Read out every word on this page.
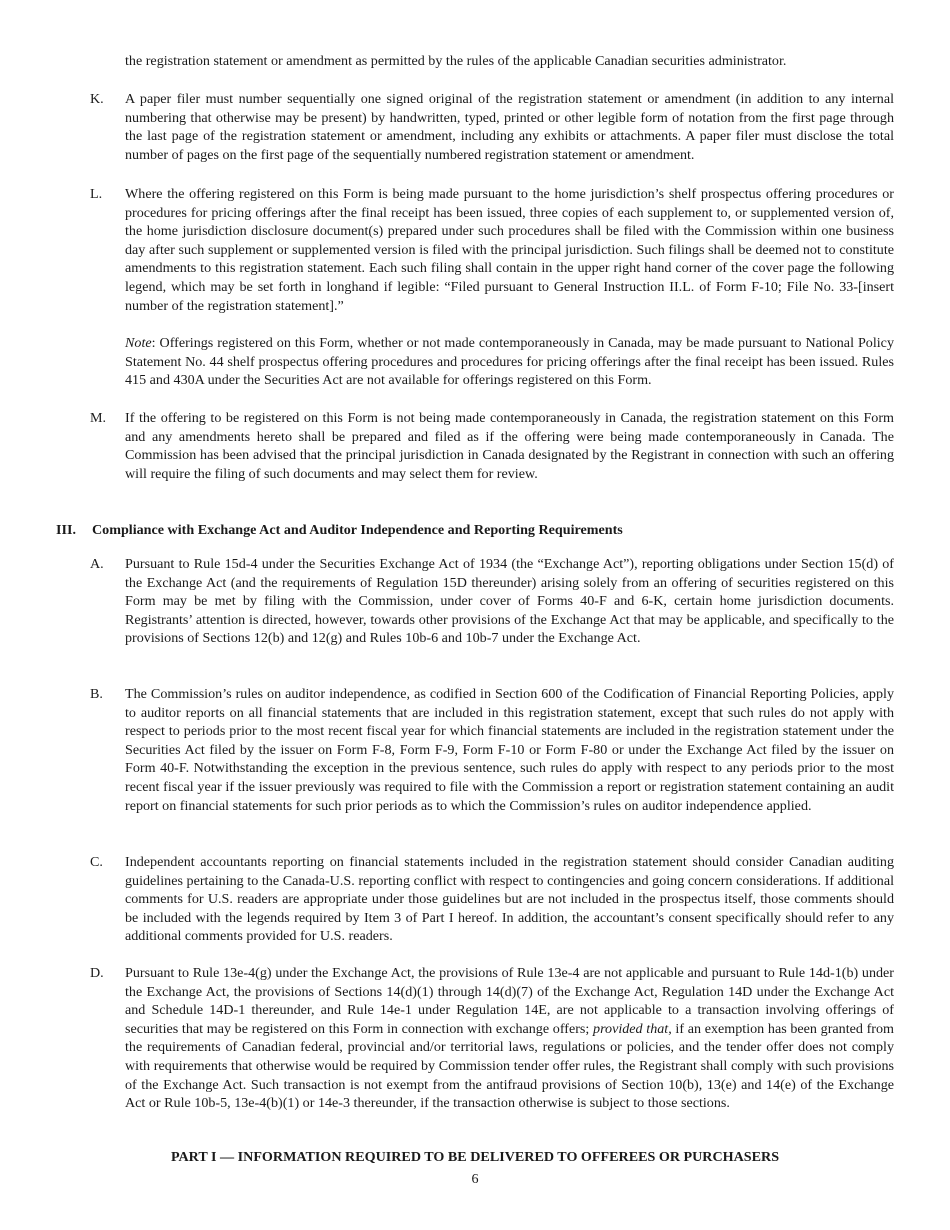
the registration statement or amendment as permitted by the rules of the applicable Canadian securities administrator.

K. A paper filer must number sequentially one signed original of the registration statement or amendment (in addition to any internal numbering that otherwise may be present) by handwritten, typed, printed or other legible form of notation from the first page through the last page of the registration statement or amendment, including any exhibits or attachments. A paper filer must disclose the total number of pages on the first page of the sequentially numbered registration statement or amendment.

L. Where the offering registered on this Form is being made pursuant to the home jurisdiction’s shelf prospectus offering procedures or procedures for pricing offerings after the final receipt has been issued, three copies of each supplement to, or supplemented version of, the home jurisdiction disclosure document(s) prepared under such procedures shall be filed with the Commission within one business day after such supplement or supplemented version is filed with the principal jurisdiction. Such filings shall be deemed not to constitute amendments to this registration statement. Each such filing shall contain in the upper right hand corner of the cover page the following legend, which may be set forth in longhand if legible: “Filed pursuant to General Instruction II.L. of Form F-10; File No. 33-[insert number of the registration statement].”

Note: Offerings registered on this Form, whether or not made contemporaneously in Canada, may be made pursuant to National Policy Statement No. 44 shelf prospectus offering procedures and procedures for pricing offerings after the final receipt has been issued. Rules 415 and 430A under the Securities Act are not available for offerings registered on this Form.

M. If the offering to be registered on this Form is not being made contemporaneously in Canada, the registration statement on this Form and any amendments hereto shall be prepared and filed as if the offering were being made contemporaneously in Canada. The Commission has been advised that the principal jurisdiction in Canada designated by the Registrant in connection with such an offering will require the filing of such documents and may select them for review.

III. Compliance with Exchange Act and Auditor Independence and Reporting Requirements

A. Pursuant to Rule 15d-4 under the Securities Exchange Act of 1934 (the “Exchange Act”), reporting obligations under Section 15(d) of the Exchange Act (and the requirements of Regulation 15D thereunder) arising solely from an offering of securities registered on this Form may be met by filing with the Commission, under cover of Forms 40-F and 6-K, certain home jurisdiction documents. Registrants’ attention is directed, however, towards other provisions of the Exchange Act that may be applicable, and specifically to the provisions of Sections 12(b) and 12(g) and Rules 10b-6 and 10b-7 under the Exchange Act.

B. The Commission’s rules on auditor independence, as codified in Section 600 of the Codification of Financial Reporting Policies, apply to auditor reports on all financial statements that are included in this registration statement, except that such rules do not apply with respect to periods prior to the most recent fiscal year for which financial statements are included in the registration statement under the Securities Act filed by the issuer on Form F-8, Form F-9, Form F-10 or Form F-80 or under the Exchange Act filed by the issuer on Form 40-F. Notwithstanding the exception in the previous sentence, such rules do apply with respect to any periods prior to the most recent fiscal year if the issuer previously was required to file with the Commission a report or registration statement containing an audit report on financial statements for such prior periods as to which the Commission’s rules on auditor independence applied.

C. Independent accountants reporting on financial statements included in the registration statement should consider Canadian auditing guidelines pertaining to the Canada-U.S. reporting conflict with respect to contingencies and going concern considerations. If additional comments for U.S. readers are appropriate under those guidelines but are not included in the prospectus itself, those comments should be included with the legends required by Item 3 of Part I hereof. In addition, the accountant’s consent specifically should refer to any additional comments provided for U.S. readers.

D. Pursuant to Rule 13e-4(g) under the Exchange Act, the provisions of Rule 13e-4 are not applicable and pursuant to Rule 14d-1(b) under the Exchange Act, the provisions of Sections 14(d)(1) through 14(d)(7) of the Exchange Act, Regulation 14D under the Exchange Act and Schedule 14D-1 thereunder, and Rule 14e-1 under Regulation 14E, are not applicable to a transaction involving offerings of securities that may be registered on this Form in connection with exchange offers; provided that, if an exemption has been granted from the requirements of Canadian federal, provincial and/or territorial laws, regulations or policies, and the tender offer does not comply with requirements that otherwise would be required by Commission tender offer rules, the Registrant shall comply with such provisions of the Exchange Act. Such transaction is not exempt from the antifraud provisions of Section 10(b), 13(e) and 14(e) of the Exchange Act or Rule 10b-5, 13e-4(b)(1) or 14e-3 thereunder, if the transaction otherwise is subject to those sections.

PART I — INFORMATION REQUIRED TO BE DELIVERED TO OFFEREES OR PURCHASERS

6
